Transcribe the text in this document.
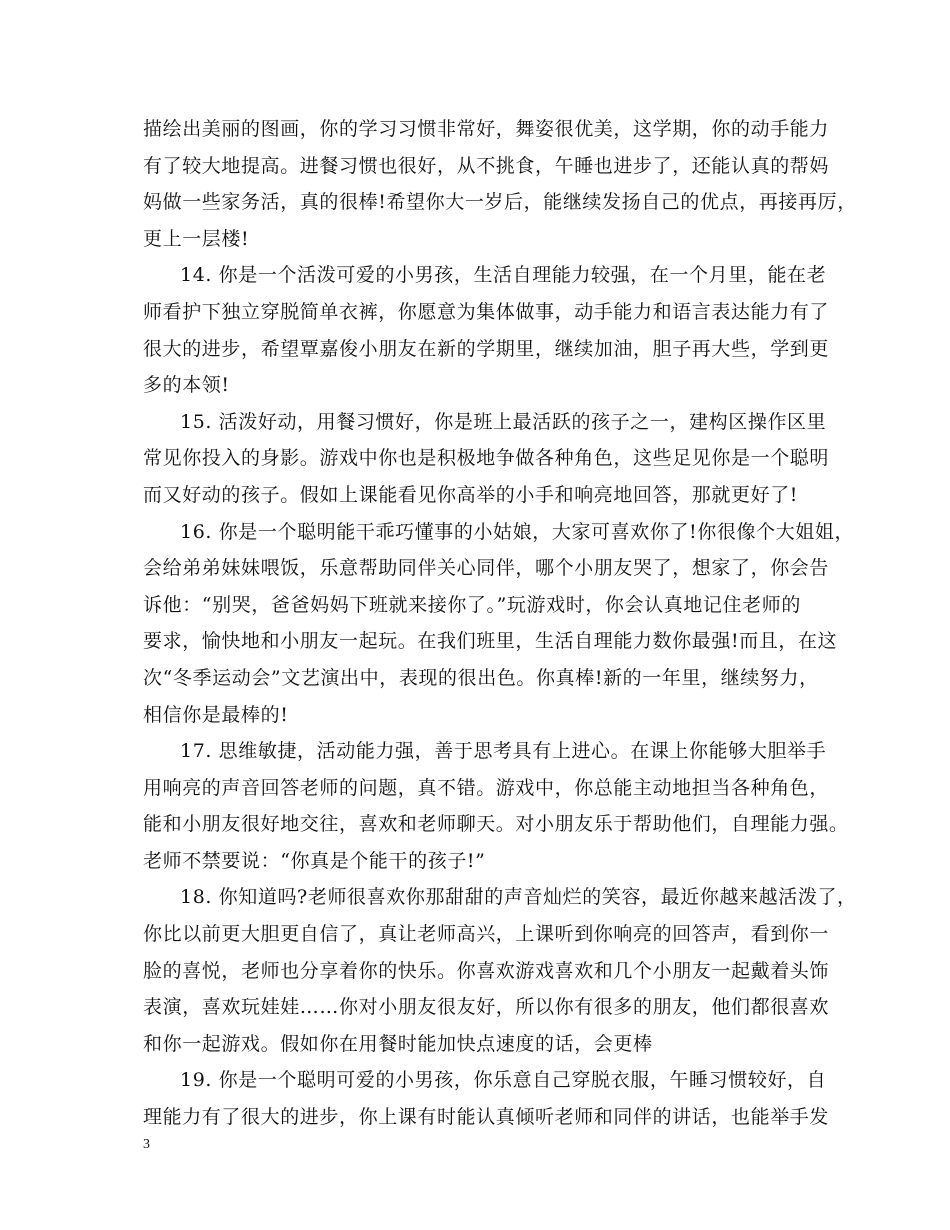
描绘出美丽的图画，你的学习习惯非常好，舞姿很优美，这学期，你的动手能力
有了较大地提高。进餐习惯也很好，从不挑食，午睡也进步了，还能认真的帮妈
妈做一些家务活，真的很棒!希望你大一岁后，能继续发扬自己的优点，再接再厉，
更上一层楼!

14. 你是一个活泼可爱的小男孩，生活自理能力较强，在一个月里，能在老
师看护下独立穿脱简单衣裤，你愿意为集体做事，动手能力和语言表达能力有了
很大的进步，希望覃嘉俊小朋友在新的学期里，继续加油，胆子再大些，学到更
多的本领!

15. 活泼好动，用餐习惯好，你是班上最活跃的孩子之一，建构区操作区里
常见你投入的身影。游戏中你也是积极地争做各种角色，这些足见你是一个聪明
而又好动的孩子。假如上课能看见你高举的小手和响亮地回答，那就更好了!

16. 你是一个聪明能干乖巧懂事的小姑娘，大家可喜欢你了!你很像个大姐姐，
会给弟弟妹妹喂饭，乐意帮助同伴关心同伴，哪个小朋友哭了，想家了，你会告
诉他：“别哭，爸爸妈妈下班就来接你了。”玩游戏时，你会认真地记住老师的
要求，愉快地和小朋友一起玩。在我们班里，生活自理能力数你最强!而且，在这
次“冬季运动会”文艺演出中，表现的很出色。你真棒!新的一年里，继续努力，
相信你是最棒的!

17. 思维敏捷，活动能力强，善于思考具有上进心。在课上你能够大胆举手
用响亮的声音回答老师的问题，真不错。游戏中，你总能主动地担当各种角色，
能和小朋友很好地交往，喜欢和老师聊天。对小朋友乐于帮助他们，自理能力强。
老师不禁要说：“你真是个能干的孩子!”

18. 你知道吗?老师很喜欢你那甜甜的声音灿烂的笑容，最近你越来越活泼了，
你比以前更大胆更自信了，真让老师高兴，上课听到你响亮的回答声，看到你一
脸的喜悦，老师也分享着你的快乐。你喜欢游戏喜欢和几个小朋友一起戴着头饰
表演，喜欢玩娃娃……你对小朋友很友好，所以你有很多的朋友，他们都很喜欢
和你一起游戏。假如你在用餐时能加快点速度的话，会更棒

19. 你是一个聪明可爱的小男孩，你乐意自己穿脱衣服，午睡习惯较好，自
理能力有了很大的进步，你上课有时能认真倾听老师和同伴的讲话，也能举手发

3
